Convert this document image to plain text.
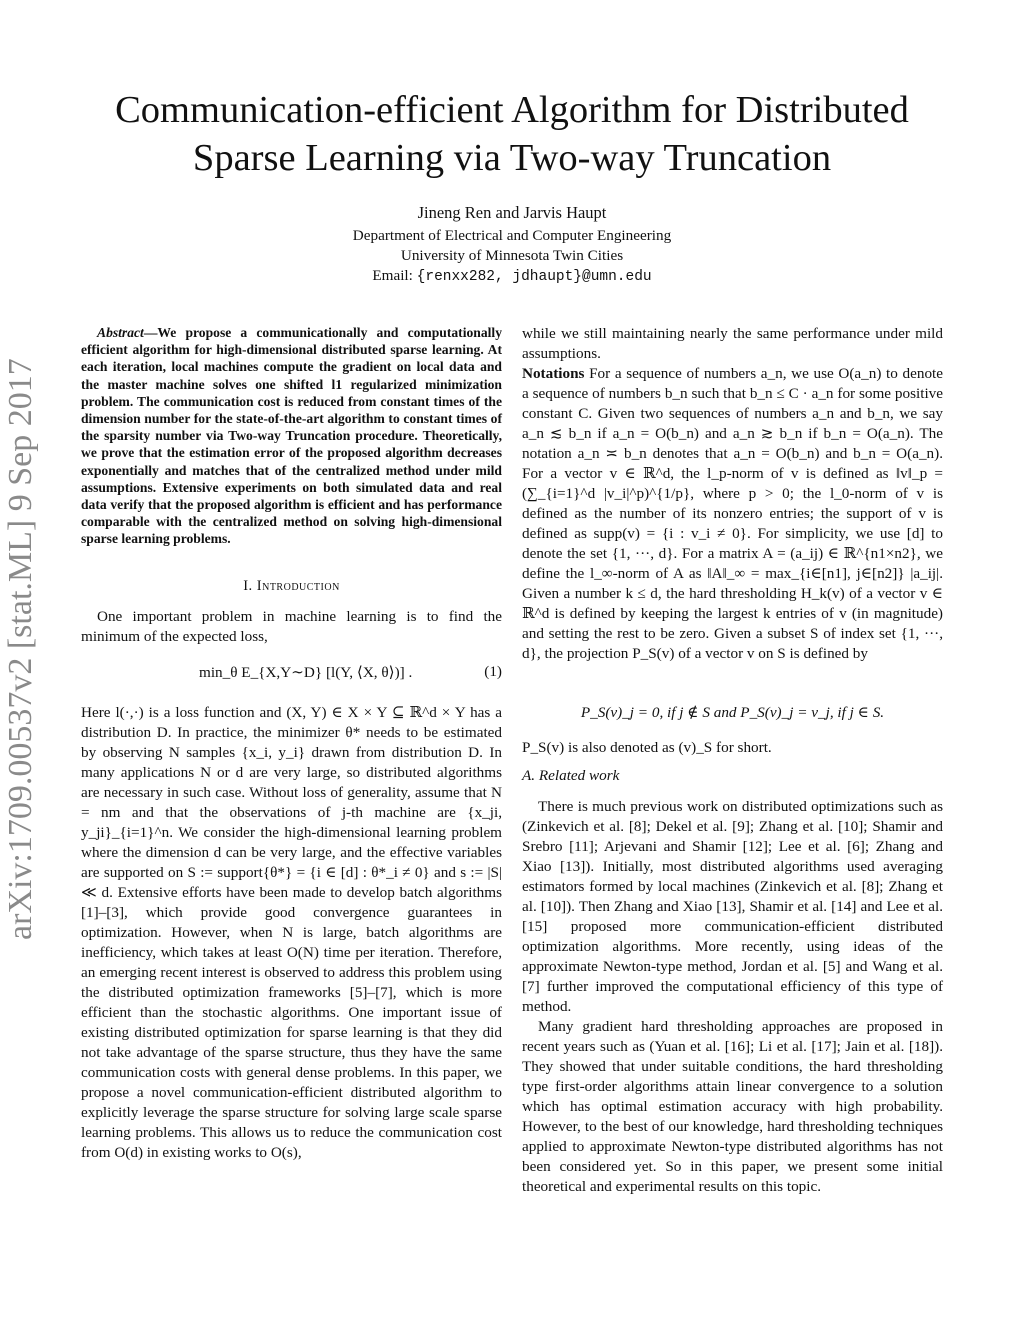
arXiv:1709.00537v2 [stat.ML] 9 Sep 2017
Communication-efficient Algorithm for Distributed
Sparse Learning via Two-way Truncation
Jineng Ren and Jarvis Haupt
Department of Electrical and Computer Engineering
University of Minnesota Twin Cities
Email: {renxx282, jdhaupt}@umn.edu
Abstract—We propose a communicationally and computationally efficient algorithm for high-dimensional distributed sparse learning. At each iteration, local machines compute the gradient on local data and the master machine solves one shifted l1 regularized minimization problem. The communication cost is reduced from constant times of the dimension number for the state-of-the-art algorithm to constant times of the sparsity number via Two-way Truncation procedure. Theoretically, we prove that the estimation error of the proposed algorithm decreases exponentially and matches that of the centralized method under mild assumptions. Extensive experiments on both simulated data and real data verify that the proposed algorithm is efficient and has performance comparable with the centralized method on solving high-dimensional sparse learning problems.
I. Introduction

One important problem in machine learning is to find the minimum of the expected loss,

min_θ E_{X,Y∼D} [l(Y, ⟨X, θ⟩)] .	(1)

Here l(·,·) is a loss function and (X, Y) ∈ X × Y ⊆ ℝ^d × Y has a distribution D. In practice, the minimizer θ* needs to be estimated by observing N samples {x_i, y_i} drawn from distribution D. In many applications N or d are very large, so distributed algorithms are necessary in such case. Without loss of generality, assume that N = nm and that the observations of j-th machine are {x_ji, y_ji}_{i=1}^n. We consider the high-dimensional learning problem where the dimension d can be very large, and the effective variables are supported on S := support{θ*} = {i ∈ [d] : θ*_i ≠ 0} and s := |S| ≪ d. Extensive efforts have been made to develop batch algorithms [1]–[3], which provide good convergence guarantees in optimization. However, when N is large, batch algorithms are inefficiency, which takes at least O(N) time per iteration. Therefore, an emerging recent interest is observed to address this problem using the distributed optimization frameworks [5]–[7], which is more efficient than the stochastic algorithms. One important issue of existing distributed optimization for sparse learning is that they did not take advantage of the sparse structure, thus they have the same communication costs with general dense problems. In this paper, we propose a novel communication-efficient distributed algorithm to explicitly leverage the sparse structure for solving large scale sparse learning problems. This allows us to reduce the communication cost from O(d) in existing works to O(s),

while we still maintaining nearly the same performance under mild assumptions.

Notations For a sequence of numbers a_n, we use O(a_n) to denote a sequence of numbers b_n such that b_n ≤ C · a_n for some positive constant C. Given two sequences of numbers a_n and b_n, we say a_n ≲ b_n if a_n = O(b_n) and a_n ≳ b_n if b_n = O(a_n). The notation a_n ≍ b_n denotes that a_n = O(b_n) and b_n = O(a_n). For a vector v ∈ ℝ^d, the l_p-norm of v is defined as ‖v‖_p = (∑_{i=1}^d |v_i|^p)^{1/p}, where p > 0; the l_0-norm of v is defined as the number of its nonzero entries; the support of v is defined as supp(v) = {i : v_i ≠ 0}. For simplicity, we use [d] to denote the set {1, ···, d}. For a matrix A = (a_ij) ∈ ℝ^{n1×n2}, we define the l_∞-norm of A as ‖A‖_∞ = max_{i∈[n1], j∈[n2]} |a_ij|. Given a number k ≤ d, the hard thresholding H_k(v) of a vector v ∈ ℝ^d is defined by keeping the largest k entries of v (in magnitude) and setting the rest to be zero. Given a subset S of index set {1, ···, d}, the projection P_S(v) of a vector v on S is defined by

P_S(v)_j = 0, if j ∉ S and P_S(v)_j = v_j, if j ∈ S.
P_S(v) is also denoted as (v)_S for short.
A. Related work

There is much previous work on distributed optimizations such as (Zinkevich et al. [8]; Dekel et al. [9]; Zhang et al. [10]; Shamir and Srebro [11]; Arjevani and Shamir [12]; Lee et al. [6]; Zhang and Xiao [13]). Initially, most distributed algorithms used averaging estimators formed by local machines (Zinkevich et al. [8]; Zhang et al. [10]). Then Zhang and Xiao [13], Shamir et al. [14] and Lee et al. [15] proposed more communication-efficient distributed optimization algorithms. More recently, using ideas of the approximate Newton-type method, Jordan et al. [5] and Wang et al. [7] further improved the computational efficiency of this type of method.

Many gradient hard thresholding approaches are proposed in recent years such as (Yuan et al. [16]; Li et al. [17]; Jain et al. [18]). They showed that under suitable conditions, the hard thresholding type first-order algorithms attain linear convergence to a solution which has optimal estimation accuracy with high probability. However, to the best of our knowledge, hard thresholding techniques applied to approximate Newton-type distributed algorithms has not been considered yet. So in this paper, we present some initial theoretical and experimental results on this topic.
